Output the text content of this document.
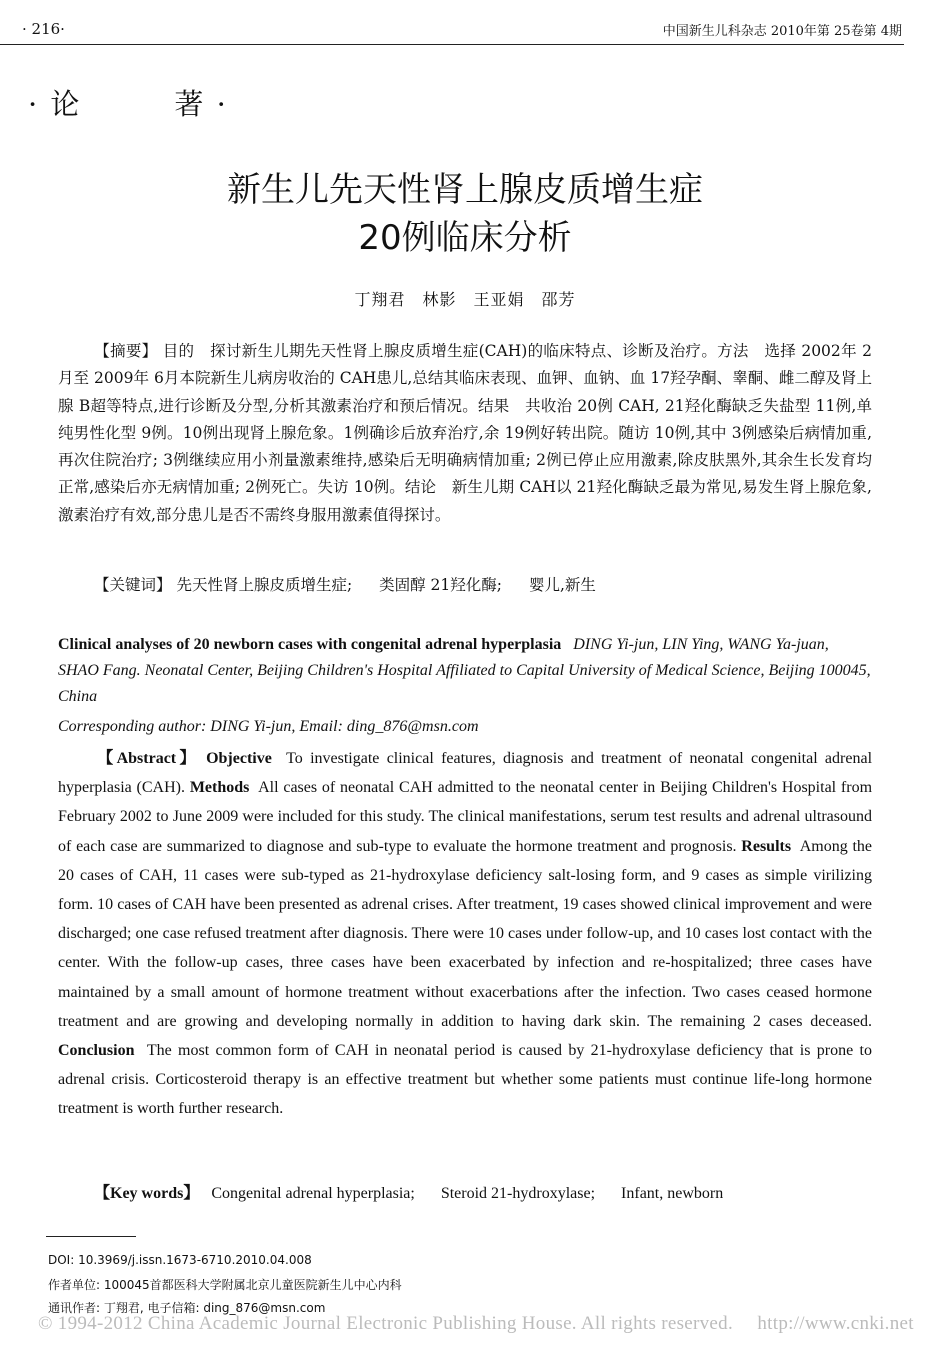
· 216·	中国新生儿科杂志 2010年第 25卷第 4期
· 论　　　著 ·
新生儿先天性肾上腺皮质增生症
20例临床分析
丁翔君　林影　王亚娟　邵芳
【摘要】 目的　 探讨新生儿期先天性肾上腺皮质增生症(CAH)的临床特点、诊断及治疗。方法　 选择 2002年 2月至 2009年 6月本院新生儿病房收治的 CAH患儿,总结其临床表现、血钾、血钠、血 17羟孕酮、睾酮、雌二醇及肾上腺 B超等特点,进行诊断及分型,分析其激素治疗和预后情况。结果　 共收治 20例 CAH, 21羟化酶缺乏失盐型 11例,单纯男性化型 9例。10例出现肾上腺危象。1例确诊后放弃治疗,余 19例好转出院。随访 10例,其中 3例感染后病情加重,再次住院治疗; 3例继续应用小剂量激素维持,感染后无明确病情加重; 2例已停止应用激素,除皮肤黑外,其余生长发育均正常,感染后亦无病情加重; 2例死亡。失访 10例。结论　 新生儿期 CAH以 21羟化酶缺乏最为常见,易发生肾上腺危象,激素治疗有效,部分患儿是否不需终身服用激素值得探讨。
【关键词】 先天性肾上腺皮质增生症; 类固醇 21羟化酶; 婴儿,新生
Clinical analyses of 20 newborn cases with congenital adrenal hyperplasia DING Yi-jun, LIN Ying, WANG Ya-juan, SHAO Fang. Neonatal Center, Beijing Children's Hospital Affiliated to Capital University of Medical Science, Beijing 100045, China
Corresponding author: DING Yi-jun, Email: ding_876@msn.com
【Abstract】 Objective To investigate clinical features, diagnosis and treatment of neonatal congenital adrenal hyperplasia (CAH). Methods All cases of neonatal CAH admitted to the neonatal center in Beijing Children's Hospital from February 2002 to June 2009 were included for this study. The clinical manifestations, serum test results and adrenal ultrasound of each case are summarized to diagnose and sub-type to evaluate the hormone treatment and prognosis. Results Among the 20 cases of CAH, 11 cases were sub-typed as 21-hydroxylase deficiency salt-losing form, and 9 cases as simple virilizing form. 10 cases of CAH have been presented as adrenal crises. After treatment, 19 cases showed clinical improvement and were discharged; one case refused treatment after diagnosis. There were 10 cases under follow-up, and 10 cases lost contact with the center. With the follow-up cases, three cases have been exacerbated by infection and re-hospitalized; three cases have maintained by a small amount of hormone treatment without exacerbations after the infection. Two cases ceased hormone treatment and are growing and developing normally in addition to having dark skin. The remaining 2 cases deceased. Conclusion The most common form of CAH in neonatal period is caused by 21-hydroxylase deficiency that is prone to adrenal crisis. Corticosteroid therapy is an effective treatment but whether some patients must continue life-long hormone treatment is worth further research.
【Key words】 Congenital adrenal hyperplasia; Steroid 21-hydroxylase; Infant, newborn
DOI: 10.3969/j.issn.1673-6710.2010.04.008
作者单位: 100045首都医科大学附属北京儿童医院新生儿中心内科
通讯作者: 丁翔君, 电子信箱: ding_876@msn.com
© 1994-2012 China Academic Journal Electronic Publishing House. All rights reserved.　 http://www.cnki.net
